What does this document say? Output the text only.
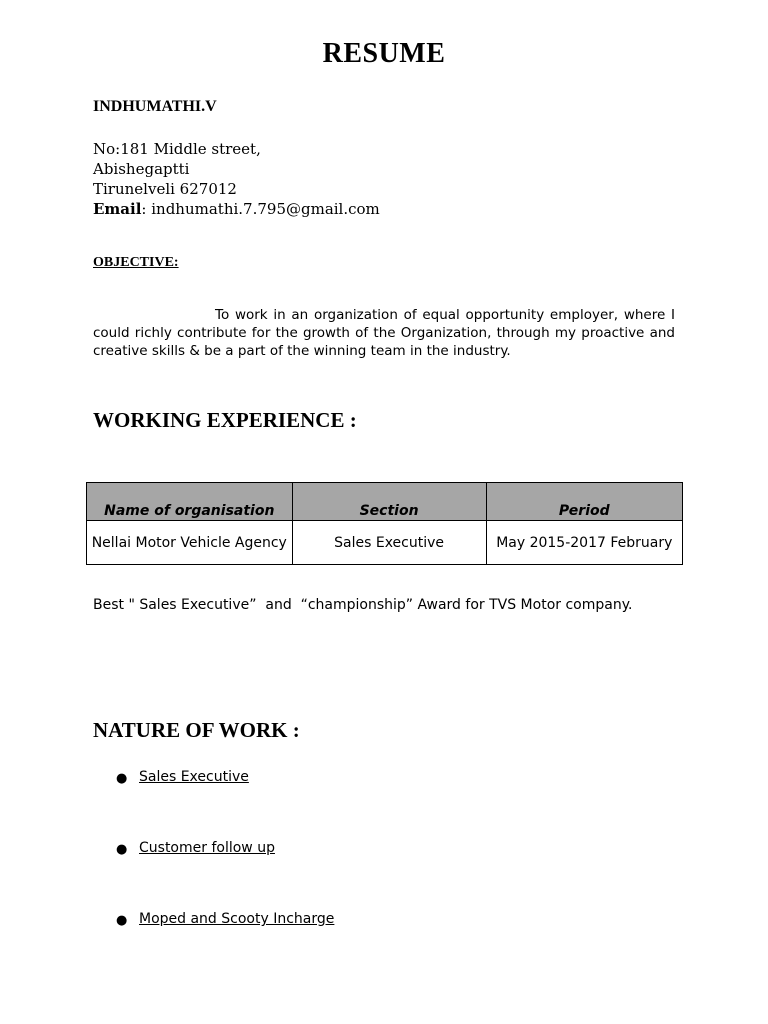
RESUME
INDHUMATHI.V
No:181 Middle street,
Abishegaptti
Tirunelveli 627012
Email: indhumathi.7.795@gmail.com
OBJECTIVE:
To work in an organization of equal opportunity employer, where I could richly contribute for the growth of the Organization, through my proactive and creative skills & be a part of the winning team in the industry.
WORKING EXPERIENCE :
Name of organisation	Section	Period
Nellai Motor Vehicle Agency	Sales Executive	May 2015-2017 February
Best " Sales Executive”  and  “championship” Award for TVS Motor company.
NATURE OF WORK :
● Sales Executive
● Customer follow up
● Moped and Scooty Incharge
